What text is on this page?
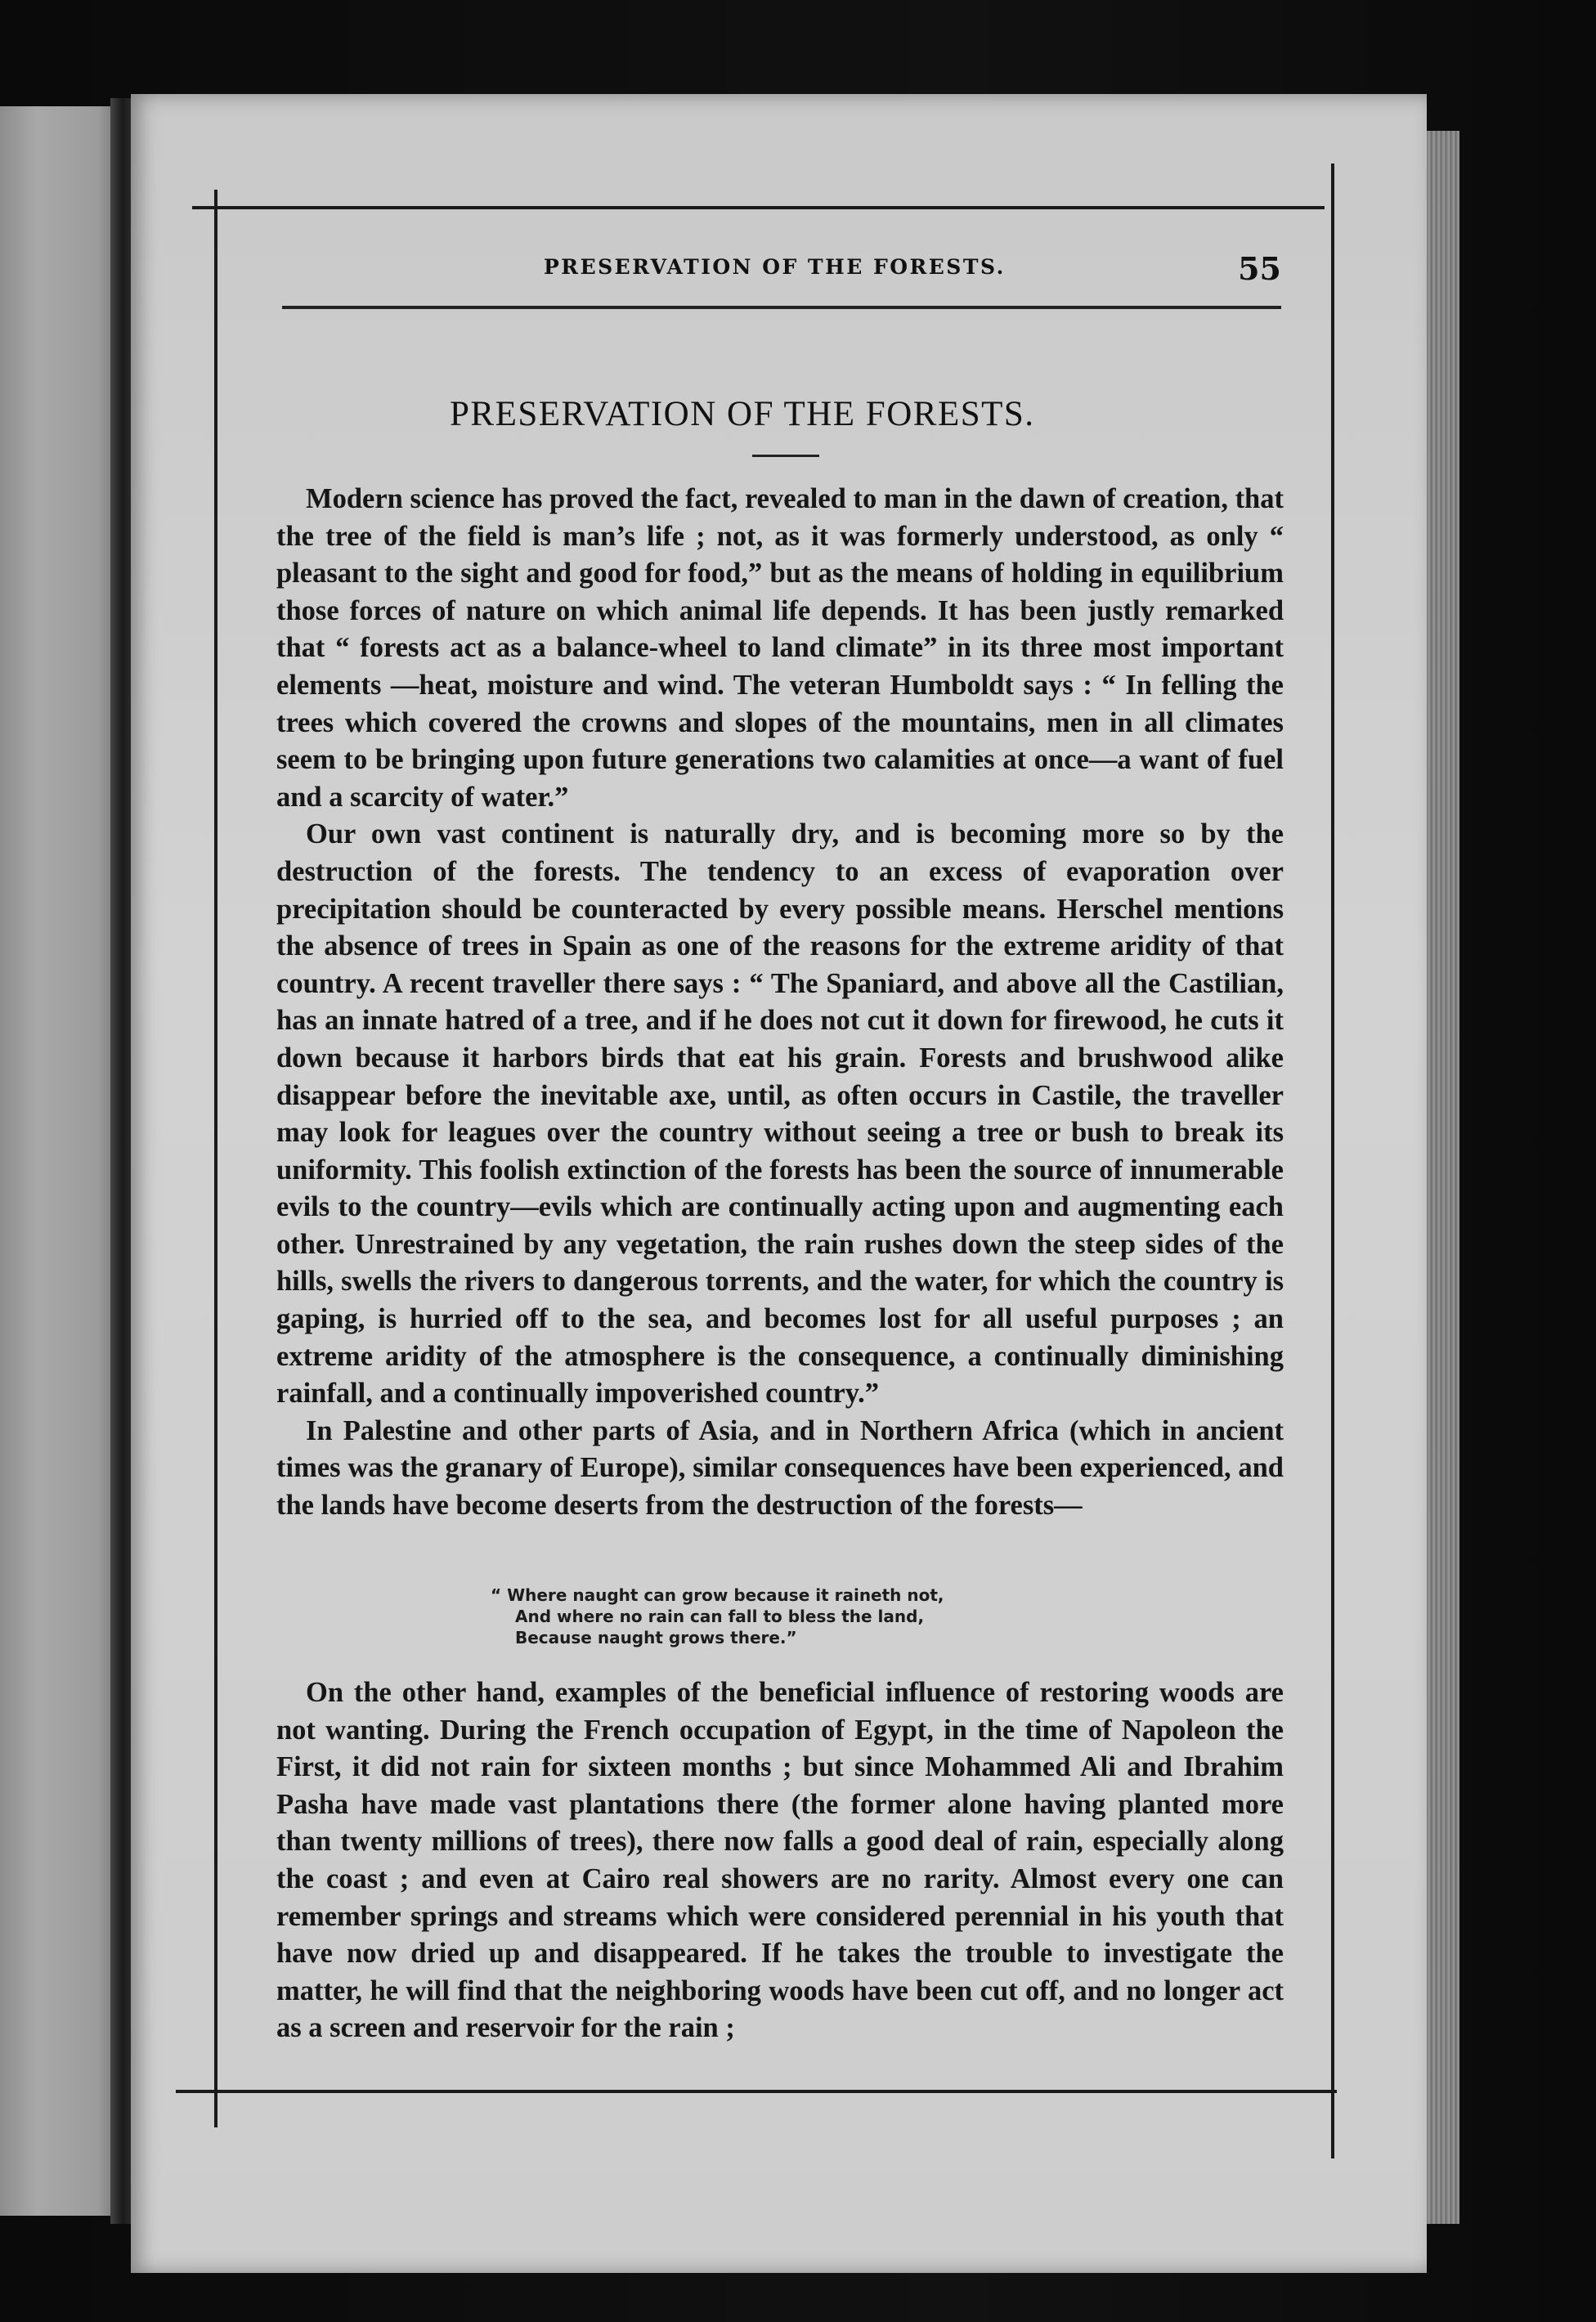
PRESERVATION OF THE FORESTS.	55
PRESERVATION OF THE FORESTS.

Modern science has proved the fact, revealed to man in the dawn of creation, that the tree of the field is man’s life ; not, as it was formerly understood, as only “ pleasant to the sight and good for food,” but as the means of holding in equilibrium those forces of nature on which animal life depends. It has been justly remarked that “ forests act as a balance-wheel to land climate” in its three most important elements —heat, moisture and wind. The veteran Humboldt says : “ In felling the trees which covered the crowns and slopes of the mountains, men in all climates seem to be bringing upon future generations two calamities at once—a want of fuel and a scarcity of water.”

Our own vast continent is naturally dry, and is becoming more so by the destruction of the forests. The tendency to an excess of evaporation over precipitation should be counteracted by every possible means. Herschel mentions the absence of trees in Spain as one of the reasons for the extreme aridity of that country. A recent traveller there says : “ The Spaniard, and above all the Castilian, has an innate hatred of a tree, and if he does not cut it down for firewood, he cuts it down because it harbors birds that eat his grain. Forests and brushwood alike disappear before the inevitable axe, until, as often occurs in Castile, the traveller may look for leagues over the country without seeing a tree or bush to break its uniformity. This foolish extinction of the forests has been the source of innumerable evils to the country—evils which are continually acting upon and augmenting each other. Unrestrained by any vegetation, the rain rushes down the steep sides of the hills, swells the rivers to dangerous torrents, and the water, for which the country is gaping, is hurried off to the sea, and becomes lost for all useful purposes ; an extreme aridity of the atmosphere is the consequence, a continually diminishing rainfall, and a continually impoverished country.”

In Palestine and other parts of Asia, and in Northern Africa (which in ancient times was the granary of Europe), similar consequences have been experienced, and the lands have become deserts from the destruction of the forests—

“ Where naught can grow because it raineth not,
And where no rain can fall to bless the land,
Because naught grows there.”

On the other hand, examples of the beneficial influence of restoring woods are not wanting. During the French occupation of Egypt, in the time of Napoleon the First, it did not rain for sixteen months ; but since Mohammed Ali and Ibrahim Pasha have made vast plantations there (the former alone having planted more than twenty millions of trees), there now falls a good deal of rain, especially along the coast ; and even at Cairo real showers are no rarity. Almost every one can remember springs and streams which were considered perennial in his youth that have now dried up and disappeared. If he takes the trouble to investigate the matter, he will find that the neighboring woods have been cut off, and no longer act as a screen and reservoir for the rain ;
